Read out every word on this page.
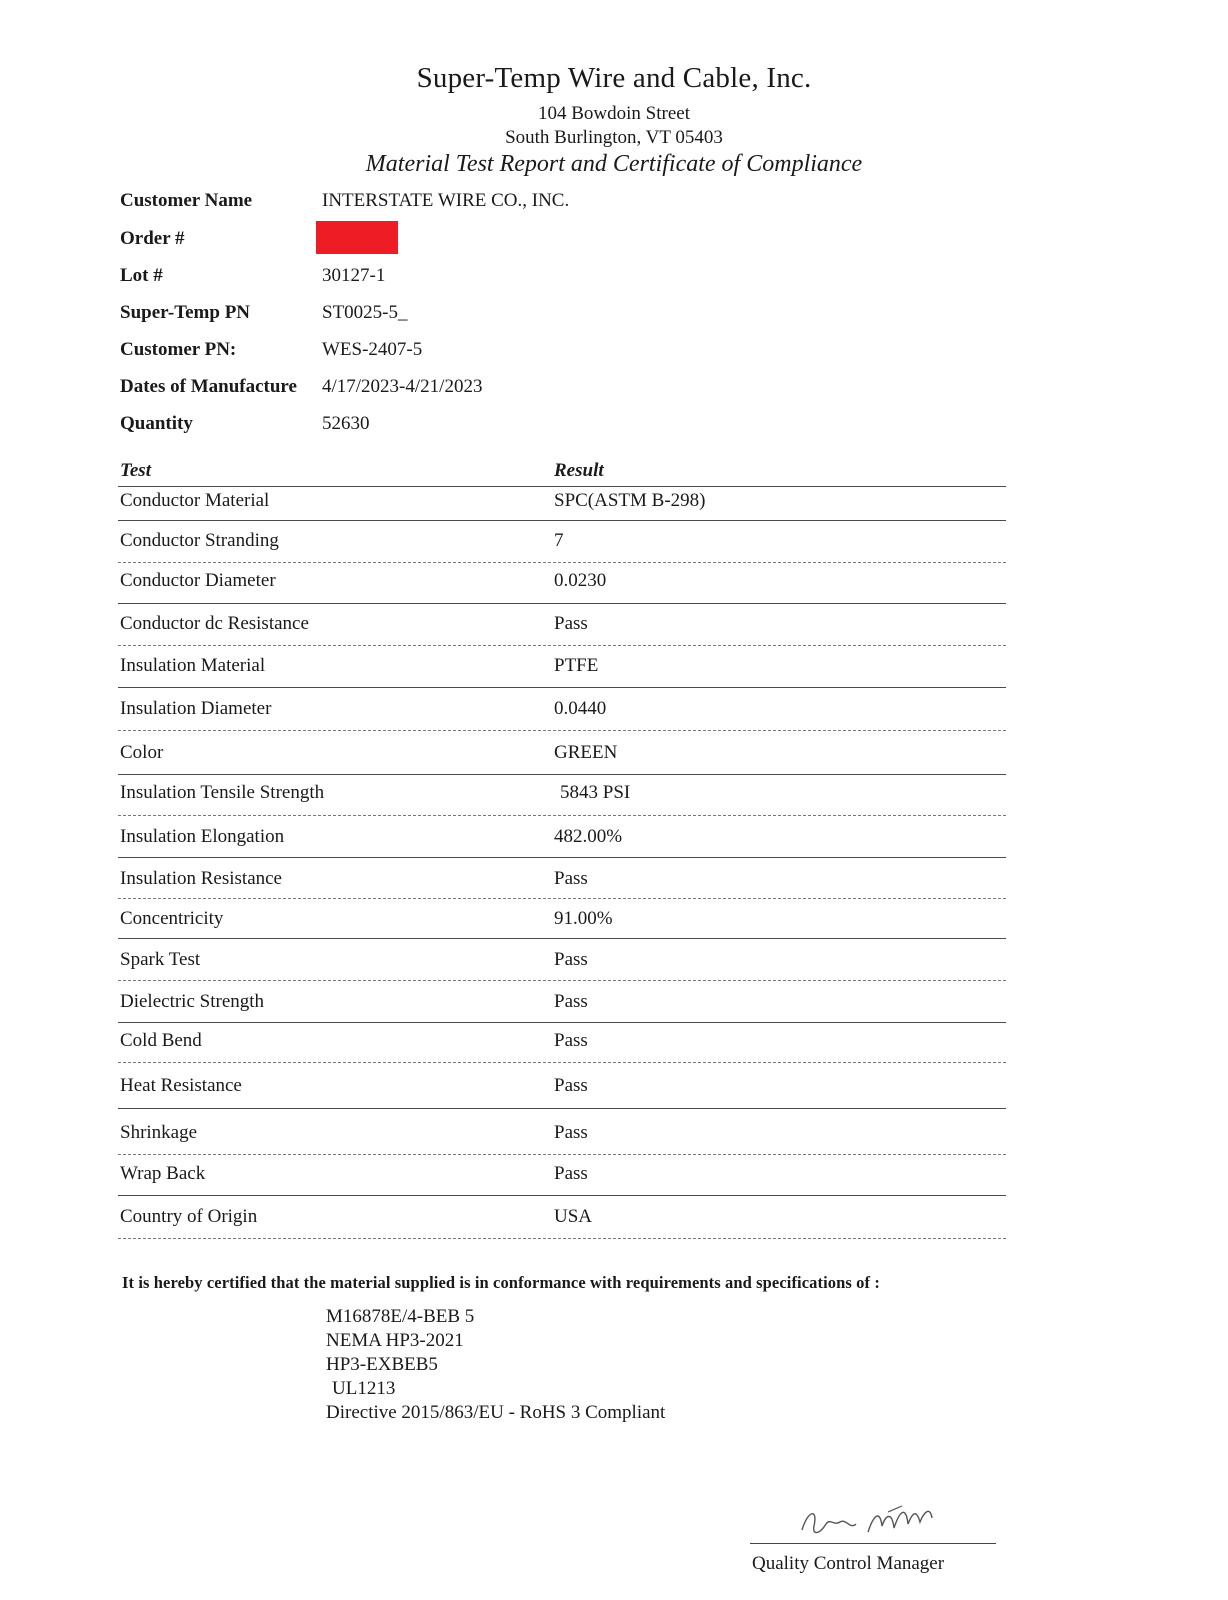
Super-Temp Wire and Cable, Inc.
104 Bowdoin Street
South Burlington, VT 05403
Material Test Report and Certificate of Compliance
Customer Name	INTERSTATE WIRE CO., INC.
Order #
Lot #	30127-1
Super-Temp PN	ST0025-5_
Customer PN:	WES-2407-5
Dates of Manufacture 4/17/2023-4/21/2023
Quantity	52630
Test	Result
Conductor Material	SPC(ASTM B-298)
Conductor Stranding	7
Conductor Diameter	0.0230
Conductor dc Resistance	Pass
Insulation Material	PTFE
Insulation Diameter	0.0440
Color	GREEN
Insulation Tensile Strength	5843 PSI
Insulation Elongation	482.00%
Insulation Resistance	Pass
Concentricity	91.00%
Spark Test	Pass
Dielectric Strength	Pass
Cold Bend	Pass
Heat Resistance	Pass
Shrinkage	Pass
Wrap Back	Pass
Country of Origin	USA
It is hereby certified that the material supplied is in conformance with requirements and specifications of :
M16878E/4-BEB 5
NEMA HP3-2021
HP3-EXBEB5
UL1213
Directive 2015/863/EU - RoHS 3 Compliant
Quality Control Manager
